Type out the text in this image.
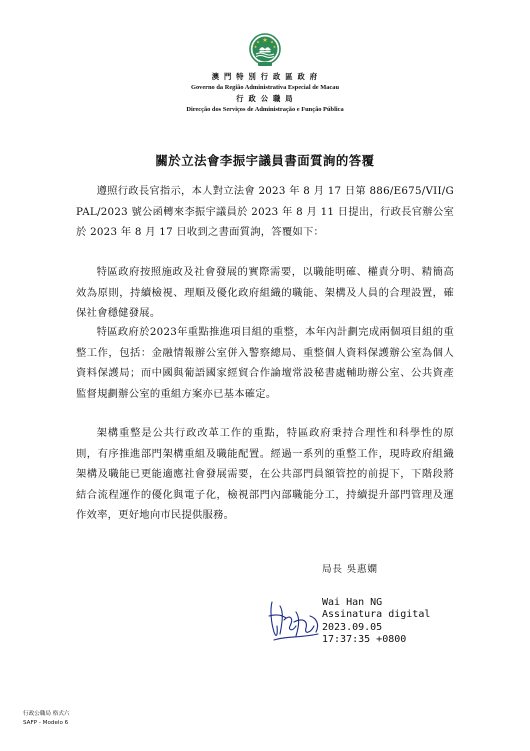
澳 門 特 別 行 政 區 政 府
Governo da Região Administrativa Especial de Macau
行 政 公 職 局
Direcção dos Serviços de Administração e Função Pública
關於立法會李振宇議員書面質詢的答覆

遵照行政長官指示，本人對立法會 2023 年 8 月 17 日第 886/E675/VII/GPAL/2023 號公函轉來李振宇議員於 2023 年 8 月 11 日提出，行政長官辦公室於 2023 年 8 月 17 日收到之書面質詢，答覆如下：

特區政府按照施政及社會發展的實際需要，以職能明確、權責分明、精簡高效為原則，持續檢視、理順及優化政府組織的職能、架構及人員的合理設置，確保社會穩健發展。

特區政府於2023年重點推進項目組的重整，本年內計劃完成兩個項目組的重整工作，包括：金融情報辦公室併入警察總局、重整個人資料保護辦公室為個人資料保護局；而中國與葡語國家經貿合作論壇常設秘書處輔助辦公室、公共資產監督規劃辦公室的重組方案亦已基本確定。

架構重整是公共行政改革工作的重點，特區政府秉持合理性和科學性的原則，有序推進部門架構重組及職能配置。經過一系列的重整工作，現時政府組織架構及職能已更能適應社會發展需要，在公共部門員額管控的前提下，下階段將結合流程運作的優化與電子化，檢視部門內部職能分工，持續提升部門管理及運作效率，更好地向市民提供服務。

局長 吳惠嫻
Wai Han NG
Assinatura digital
2023.09.05
17:37:35 +0800
行政公職局 格式六
SAFP - Modelo 6
